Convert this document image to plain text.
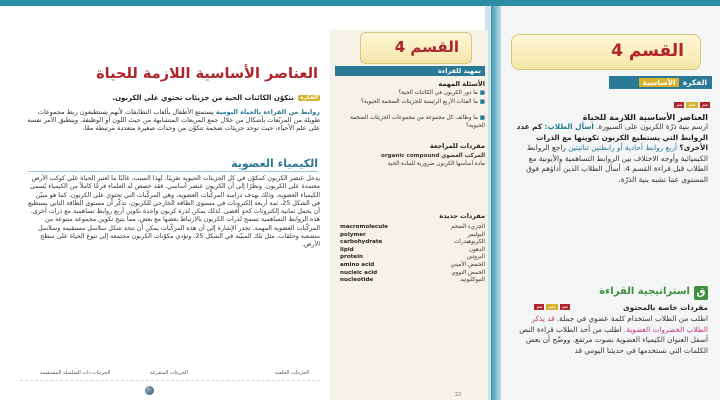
العناصر الأساسية اللازمة للحياة
الفكرة تتكوّن الكائنات الحية من جزيئات تحتوي على الكربون.
روابط من القراءة بالحياة اليومية يستمتع الأطفال بألعاب التطابقات لأنهم يستطيعون ربط مجموعات طويلة من المربّعات بأشكال من خلال جمع المربعات المتشابهة من حيث اللون أو الوظيفة. وينطبق الأمر نفسه على علم الأحياء، حيث توحد جزيئات ضخمة تتكوّن من وحدات صغيرة متعددة مرتبطة معًا.
الكيمياء العضوية
يدخل عنصر الكربون كمكوّن في كل الجزيئات الحيوية تقريبًا. لهذا السبب، غالبًا ما تُعتبر الحياة على كوكب الأرض معتمدة على الكربون. ونظرًا إلى أن الكربون عنصر أساسي، فقد خصص له العلماء فرعًا كاملاً من الكيمياء يُسمى الكيمياء العضوية، وذلك بهدف دراسة المركّبات العضوية، وهي المركّبات التي تحتوي على الكربون. كما هو مبيّن في الشكل 25، ثمة أربعة إلكترونات في مستوى الطاقة الخارجي للكربون. تذكّر أن مستوى الطاقة الثاني يستطيع أن يحمل ثمانية إلكترونات كحدٍ أقصى. لذلك يمكن لذرة كربون واحدة تكوين أربع روابط تساهمية مع ذرات أخرى. هذه الروابط التساهمية تسمح لذرات الكربون بالارتباط بعضها مع بعض، مما يتيح تكوين مجموعة متنوعة من المركّبات العضوية المهمة. تجدر الإشارة إلى أن هذه المركّبات يمكن أن تتخذ شكل سلاسل مستقيمة وسلاسل متشعبة وحلقات، مثل تلك المبيّنة في الشكل 25. وتؤدي مكوّنات الكربون مجتمعة إلى تنوع الحياة على سطح الأرض.
الجزيئات الحلقية
الجزيئات المتفرعة
الجزيئات ذات السلسلة المستقيمة
القسم 4
تمهيد للقراءة
الأسئلة المهمة
■ ما دور الكربون في الكائنات الحية؟
■ ما الفئات الأربع الرئيسة للجزيئات الضخمة الحيوية؟
■ ما وظائف كل مجموعة من مجموعات الجزيئات الضخمة الحيوية؟
مفردات للمراجعة
المركب العضوي organic compound
مادة أساسها الكربون ضرورية للمادة الحية
مفردات جديدة
22
macromolecule	الجزيء الضخم
polymer	البوليمر
carbohydrate	الكربوهيدرات
lipid	الدهون
protein	البروتين
amino acid	الحمض الأميني
nucleic acid	الحمض النووي
nucleotide	النيوكليوتيد
القسم 4
الفكرةالأساسية
مم متم مم
العناصر الأساسية اللازمة للحياة
ارسم بنية ذرّة الكربون على السبورة. اسأل الطلاب: كم عدد الروابط التي يستطيع الكربون تكوينها مع الذرات الأخرى؟ أربع روابط أحادية أو رابطتين ثنائيتين راجع الروابط الكيميائية وأوجه الاختلاف بين الروابط التساهمية والأيونية مع الطلاب قبل قراءة القسم 4. أسأل الطلاب الذين أداؤهم فوق المستوى عما تشبه بنية الذرّة.
ق
استراتيجية القراءة
مم متم مم	مفردات خاصة بالمحتوى
اطلب من الطلاب استخدام كلمة عضوي في جملة. قد يذكر الطلاب الخضروات العضوية. اطلب من أحد الطلاب قراءة النص أسفل العنوان الكيمياء العضوية بصوت مرتفع. ووضّح أن بعض الكلمات التي نستخدمها في حديثنا اليومي قد
